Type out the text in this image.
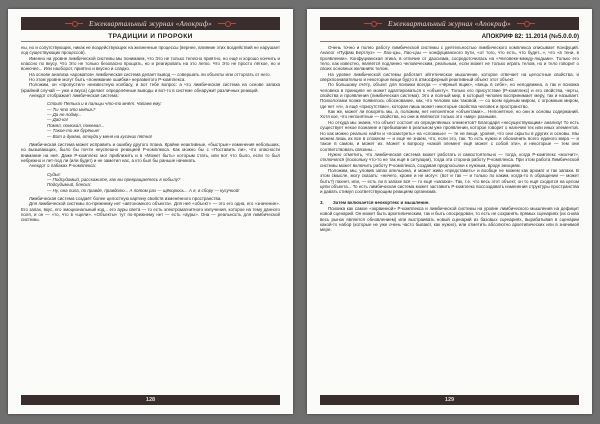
Ежеквартальный журнал «Апокриф»
ТРАДИЦИИ И ПРОРОКИ

ны, но и сопутствующих, никак не воздействующих на жизненные процессы (вернее, влияние этих воздействий не нарушает ход существующих процессов).

Именно на уровне лимбической системы мы понимаем, что Это не только телесно приятно, но ещё и хорошо кончить и классно по вкусу. Что Это не только безопасно прощать, но и реагировать на это легко. Что Это не просто лёгкое, но и вонючее... Или наоборот, приятно и вкусно и сладко.

На основе анализа «ароматов» лимбическая система делает вывод — совершать ли объекты или отторгать от него.

Но этом уровне могут быть «понимание ошибки» неразвитого Р-комплекса.

Положим, он «пропустил» неизвестную колбасу, и вот тебе вопрос: а что лимбическая система на основе запаха (крайний случай — уже и вкуса) сделает определённые выводы и вот-то в системе обнаружит различных реакций.

Анекдот отображает лимбическая система:

Стоит Петька и в пальцы что-то мнёт. Чапаев ему:
— Ты что это мнёшь?
— Да не пойму...
— Дай-ка!
Помял, понюхал, пожевал...
— Такое-то же бурёные!
— Вот а думаю, откуда у меня на кусачих пятна!

Лимбическая система может исправить и ошибку другого плана. Крайне неактивные, «быстрые» изменения небольших, но вызывающих, было бы почти неуспешно реакцией Р-комплекса. Как можно бы с «Поставить ли», что опасности внимание на неё. Даже Р-комплекс мог приблизить и в «Может быть» которым стать, или вот что было, если то был небрежно и лет-под ли (или будет) и не заметил нас, а кто был бы раньше начинать.

Анекдот о лабаках Р-комплекса:

Судья:
— Подсудимый, расскажите, как вы превращаетесь в кобылу?
Подсудимый, блеска:
— Ну, она пила, по правде, правдолю... А потом раз — щёкорюсь... А я, в сбору — кусучкой!

Лимбическая система создаёт более целостную картину свойств изменённого пространства.

Для лимбической системы по-прежнему нет «автономного объекта». Для неё «объект» — это его одна, его «значение». Его запах, вкус, его эмоциональный код... его ауры света — то есть электромагнитного излучения, которое на тему данного поля, и он — «то, что в «щели». «Объекты» тут по-прежнему нет — есть «ауры». Она — реальность для лимбической системы.

128
Ежеквартальный журнал «Апокриф»
АПОКРИФ 82: 11.2014 (№5.0.0.0)

Очень точно и полно работу лимбической системы с деятельностью лимбического комплекса описывает Конфуций. Аналог «Пуфам Бертлуэ» — Лао-цзы, Лао-цзы — конфуцианского пути, «от того, что есть, что будет...», что «в тени, в проявлении». Конфуцианская этика, в отличие от даосизма, сосредоточилась на «Человеке-между-людьми». Только его тело, как известно, является подлинно человеческим, реальным, если может не только играть телом, но и тело говорит о своих основных желаниях телом.

На уровне лимбической системы работает эйтетическое мышление, которое отвечает на целостные свойства, и сверхпознавательно и некоторые вещи будто в атмосферный реактивный объект этот объект.

По большому счёту, объект для психики всегда — «чёрный ящик», «вещь в себе», но неподвижна, а так и психика человека в принципе не может адаптироваться к «объекту». Только его присутствие (Р-комплекс) и его свойства, черты, свойства и проявления (лимбическая система). Это и полный мир, в который человек воспринимает меру, так и называет. Психологами позже появилось обоснование, как, что человек как таковой, — со всем единым миром, с огромным миром, где нет «я», а ещё «присутствие», которая лишь может некоторые свойства человек и пространство.

Как же, может ли покорять мы, а, положим, нет непонятное «объектами»... Непонятное, но они ж основы содержаний. Хотя кое, что непонятные — свойства, но они ж являются только это «мир» разными.

Но откуда мы знаем, что объект состоит из определённых элементов? Благодаря «несуществующим» анализу! То есть существует некое познание и пребывание в реальном уже проявлении, которое говорит о наличии тех или иных элементов. Но как можно реально найти и «посмотреть» на «сложные» — те не вещи, уровня, что они скрыты в других и основы. Мы можем лишь их все в сложном — и ещё не знаем, что, если это, так. То есть нужно и обозначить всего единого мира — и такое в самом, и может их. Может к вопросу «какой элемент ещё может с собой эти», и некоторые — тем они соответствовать связаны...

Нужно отметить, что лимбическая система может работать и самостоятельно — тогда, когда Р-комплекс «молчит», отключился (поскольку что-то не так ещё в ситуации), тогда эта сторона работу Р-комплекса. При этом работа Лимбической системы может включить работу Р-комплекса, создавая предпосылки к нужным, вроде эмоциям.

Положим, мы, уловив запах апельсина, и может живо «представить» и вообще не можем как аромат и так запахи. В этом смысле, могу сказать: «ничего, кроме и не могу»: (вот и так — и только по каким, когда-то в обращении — может быть?) пахнет, или, — есть ли в запахе всё — то ещё «запахи». Так, т.е. что весь этот объект, он то ещё сходится на целом цепи объекта... То есть лимбическая система может заставить Р-комплекс воссоздавать изменения структуры пространства и давать стимул соответствующим реакциям организма.

3.	Затем включается неокортекс и мышление.

Психика как самое «окраинной» Р-комплекса и лимбической системы на уровне лимбического мышления на дефицит новой сценарий. Он может быть архетипическим, так и быть опосредован, то есть не сохранять прямых сценариях (их снова весь рынок является обновлением) или выстраивать новый сценарий из базовых сценариях, вырабатывая в сценарии какой-то набор (которые не уже очень часто бывают, как нужно), или отметить абсолютно архетипических или в значимой мере.

129
